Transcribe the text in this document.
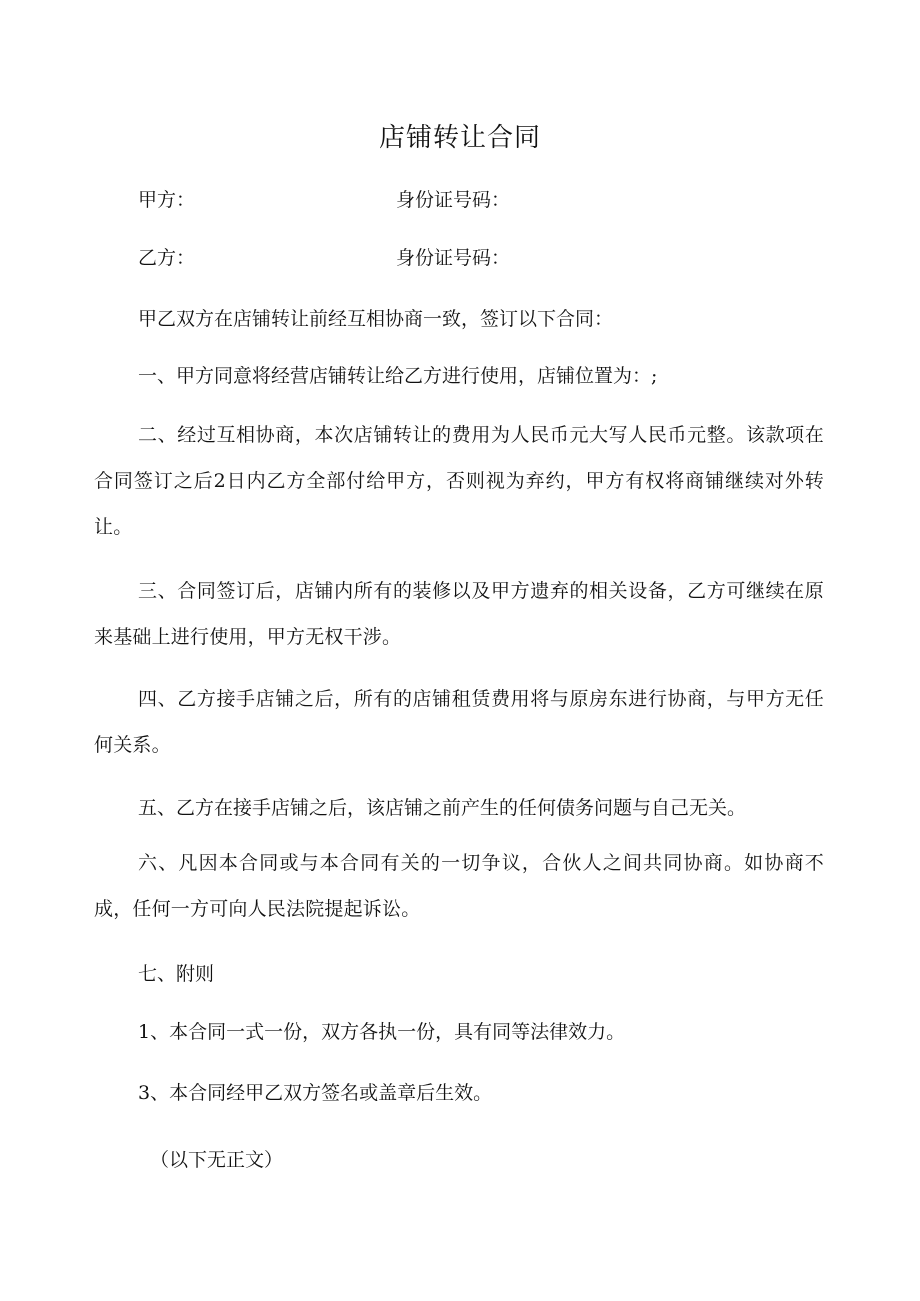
店铺转让合同
甲方：	身份证号码：
乙方：	身份证号码：
甲乙双方在店铺转让前经互相协商一致，签订以下合同：
一、甲方同意将经营店铺转让给乙方进行使用，店铺位置为：;
二、经过互相协商，本次店铺转让的费用为人民币元大写人民币元整。该款项在合同签订之后2日内乙方全部付给甲方，否则视为弃约，甲方有权将商铺继续对外转让。
三、合同签订后，店铺内所有的装修以及甲方遗弃的相关设备，乙方可继续在原来基础上进行使用，甲方无权干涉。
四、乙方接手店铺之后，所有的店铺租赁费用将与原房东进行协商，与甲方无任何关系。
五、乙方在接手店铺之后，该店铺之前产生的任何债务问题与自己无关。
六、凡因本合同或与本合同有关的一切争议，合伙人之间共同协商。如协商不成，任何一方可向人民法院提起诉讼。
七、附则
1、本合同一式一份，双方各执一份，具有同等法律效力。
3、本合同经甲乙双方签名或盖章后生效。
（以下无正文）
